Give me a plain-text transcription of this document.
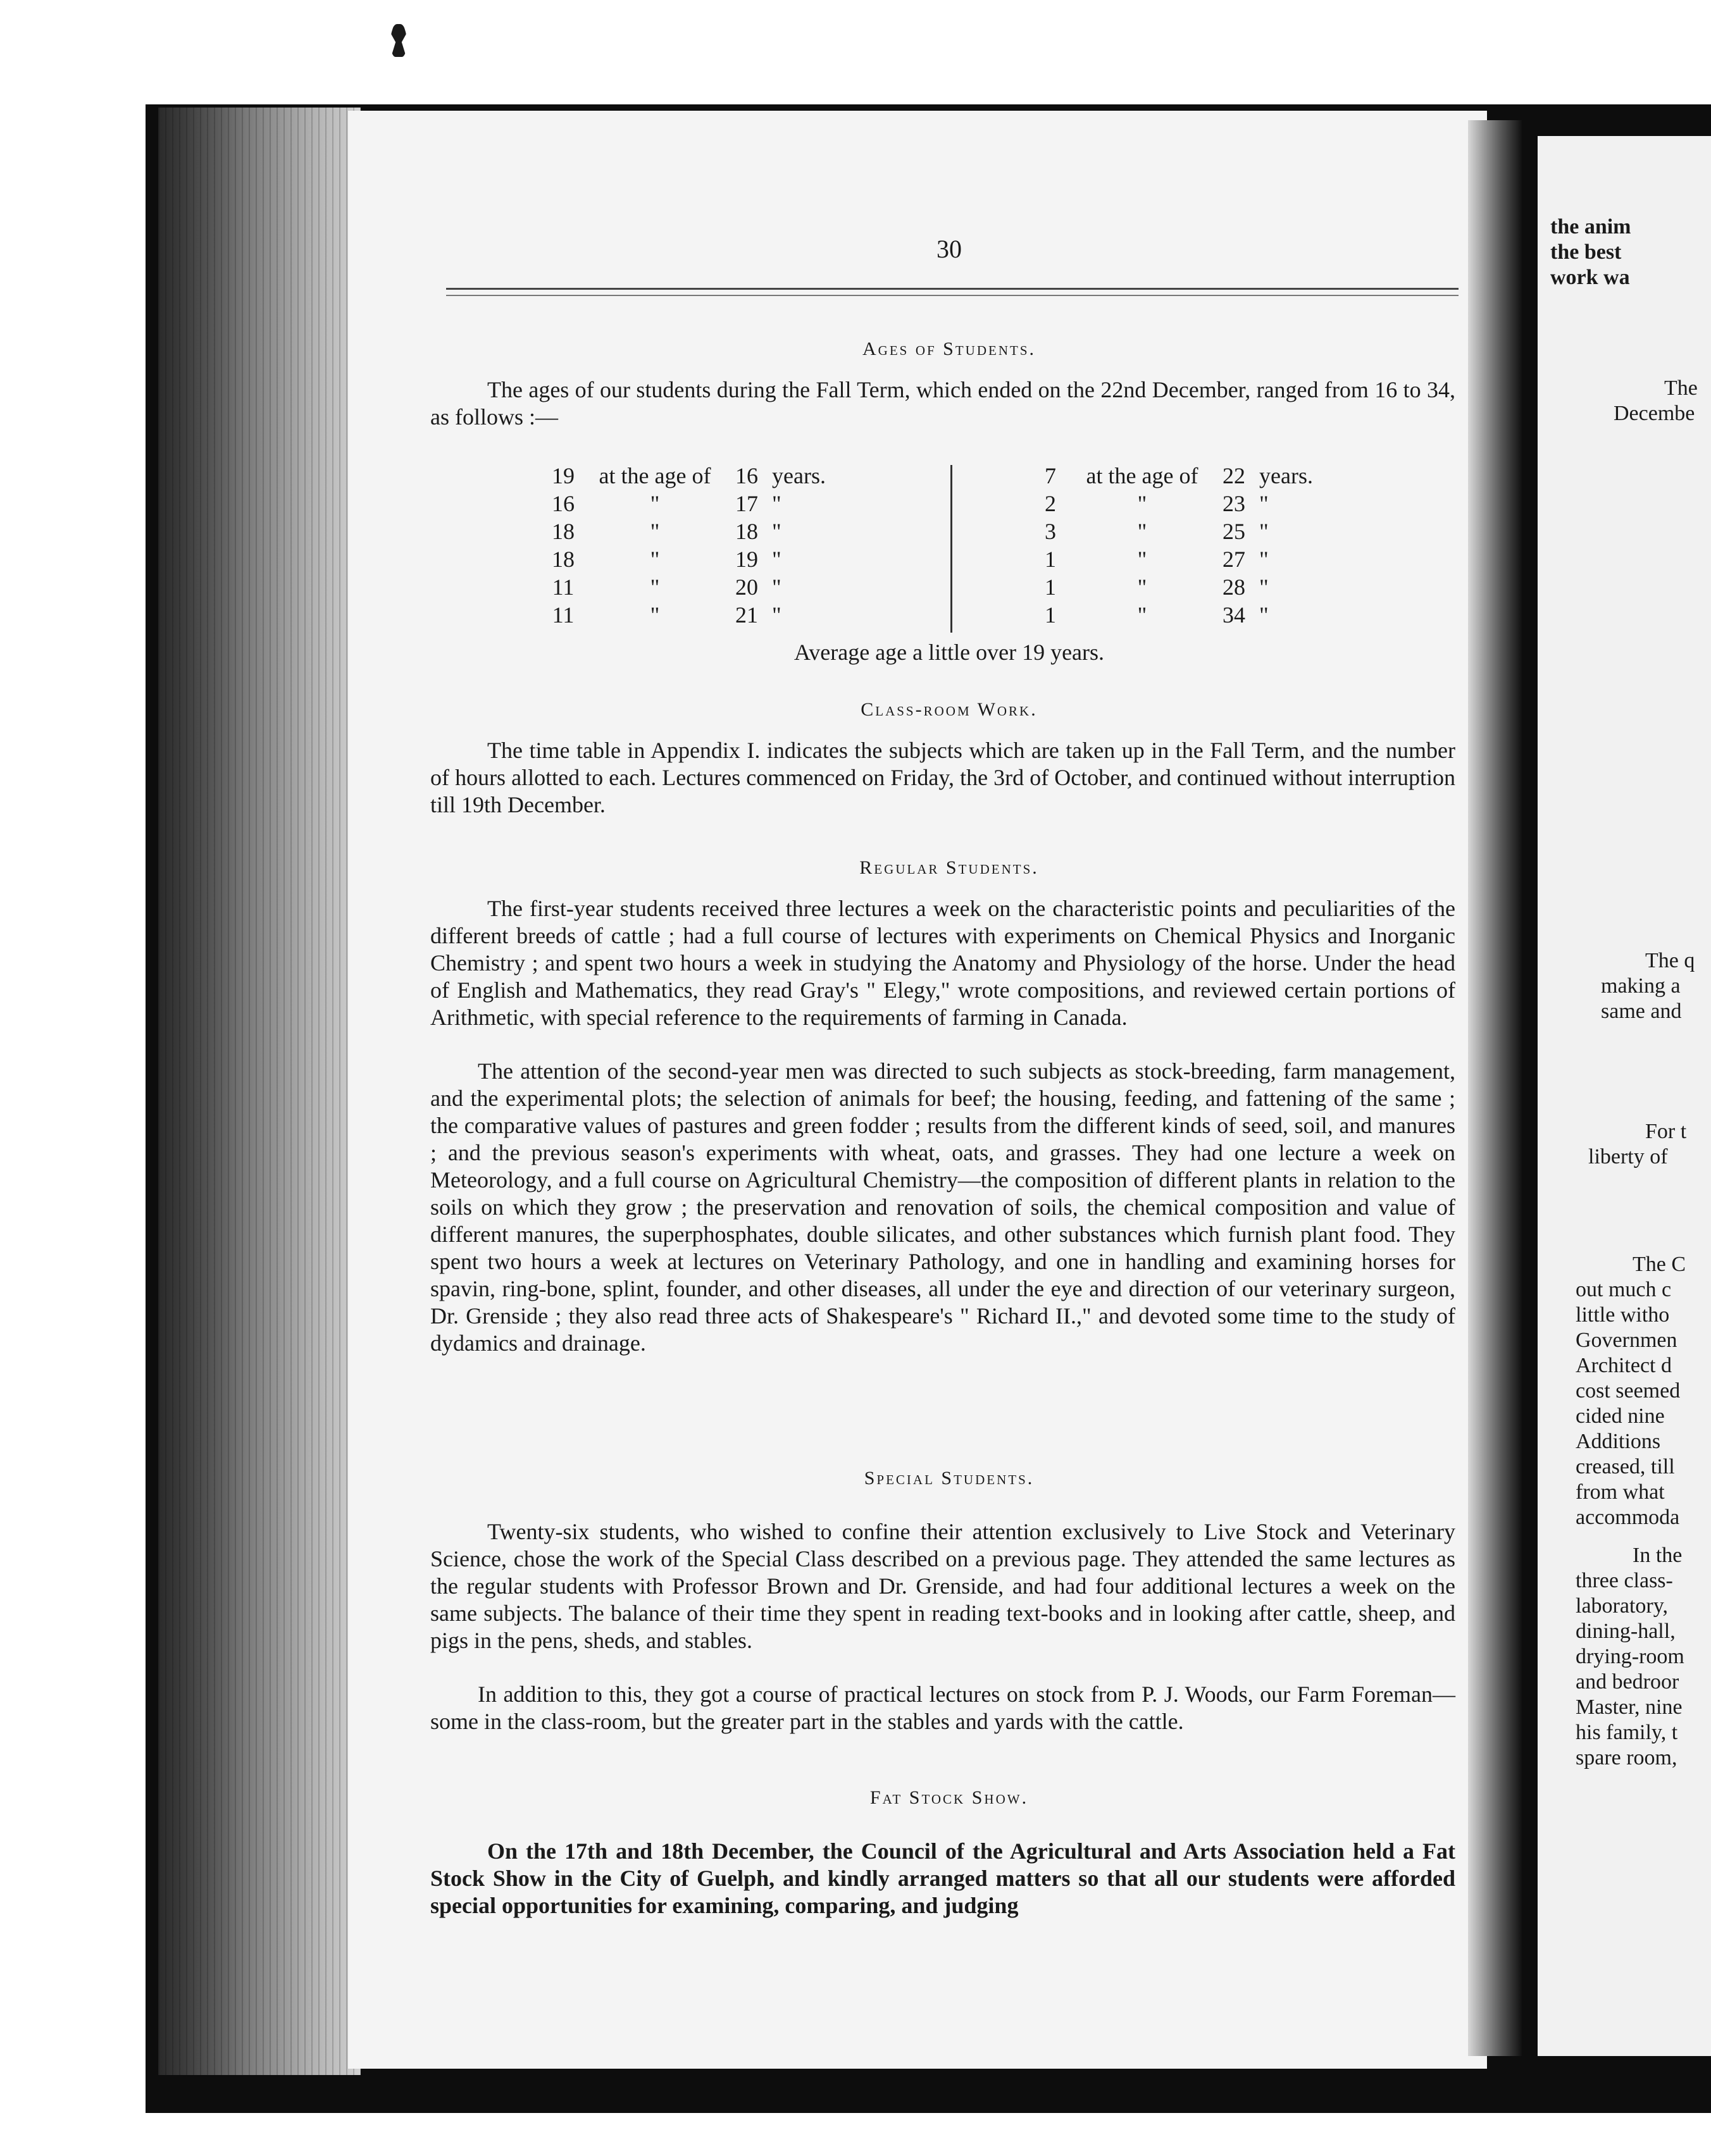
30
Ages of Students.

The ages of our students during the Fall Term, which ended on the 22nd December, ranged from 16 to 34, as follows :—

19	at the age of	16 years.
16	"	17 "
18	"	18 "
18	"	19 "
11	"	20 "
11	"	21 "
7	at the age of	22 years.
2	"	23 "
3	"	25 "
1	"	27 "
1	"	28 "
1	"	34 "
Average age a little over 19 years.
Class-room Work.

The time table in Appendix I. indicates the subjects which are taken up in the Fall Term, and the number of hours allotted to each. Lectures commenced on Friday, the 3rd of October, and continued without interruption till 19th December.

Regular Students.

The first-year students received three lectures a week on the characteristic points and peculiarities of the different breeds of cattle ; had a full course of lectures with experiments on Chemical Physics and Inorganic Chemistry ; and spent two hours a week in studying the Anatomy and Physiology of the horse. Under the head of English and Mathematics, they read Gray's " Elegy," wrote compositions, and reviewed certain portions of Arithmetic, with special reference to the requirements of farming in Canada.

The attention of the second-year men was directed to such subjects as stock-breeding, farm management, and the experimental plots; the selection of animals for beef; the housing, feeding, and fattening of the same ; the comparative values of pastures and green fodder ; results from the different kinds of seed, soil, and manures ; and the previous season's experiments with wheat, oats, and grasses. They had one lecture a week on Meteorology, and a full course on Agricultural Chemistry—the composition of different plants in relation to the soils on which they grow ; the preservation and renovation of soils, the chemical composition and value of different manures, the superphosphates, double silicates, and other substances which furnish plant food. They spent two hours a week at lectures on Veterinary Pathology, and one in handling and examining horses for spavin, ring-bone, splint, founder, and other diseases, all under the eye and direction of our veterinary surgeon, Dr. Grenside ; they also read three acts of Shakespeare's " Richard II.," and devoted some time to the study of dydamics and drainage.

Special Students.

Twenty-six students, who wished to confine their attention exclusively to Live Stock and Veterinary Science, chose the work of the Special Class described on a previous page. They attended the same lectures as the regular students with Professor Brown and Dr. Grenside, and had four additional lectures a week on the same subjects. The balance of their time they spent in reading text-books and in looking after cattle, sheep, and pigs in the pens, sheds, and stables.

In addition to this, they got a course of practical lectures on stock from P. J. Woods, our Farm Foreman—some in the class-room, but the greater part in the stables and yards with the cattle.

Fat Stock Show.

On the 17th and 18th December, the Council of the Agricultural and Arts Association held a Fat Stock Show in the City of Guelph, and kindly arranged matters so that all our students were afforded special opportunities for examining, comparing, and judging

the anim
the best
work wa
The
Decembe
The q
making a
same and
For t
liberty of
The C
out much c
little witho
Governmen
Architect d
cost seemed
cided nine
Additions
creased, till
from what
accommoda
In the
three class-
laboratory,
dining-hall,
drying-room
and bedroor
Master, nine
his family, t
spare room,
